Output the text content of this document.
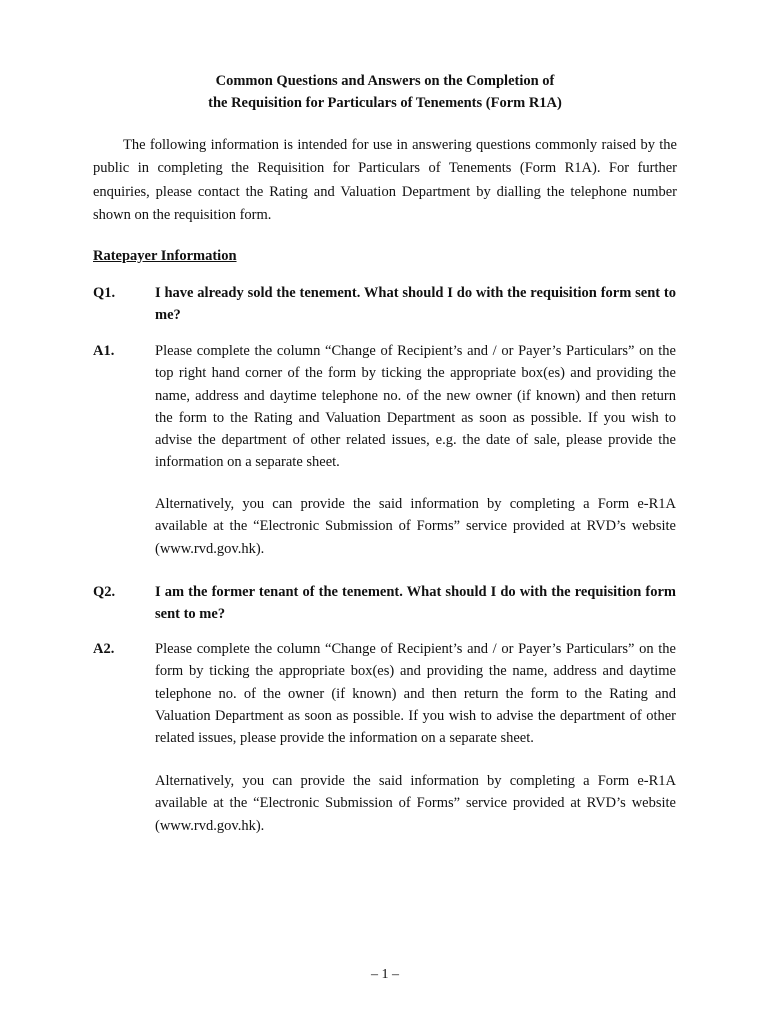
Common Questions and Answers on the Completion of
the Requisition for Particulars of Tenements (Form R1A)
The following information is intended for use in answering questions commonly raised by the public in completing the Requisition for Particulars of Tenements (Form R1A). For further enquiries, please contact the Rating and Valuation Department by dialling the telephone number shown on the requisition form.
Ratepayer Information
Q1.	I have already sold the tenement. What should I do with the requisition form sent to me?
A1.	Please complete the column “Change of Recipient’s and / or Payer’s Particulars” on the top right hand corner of the form by ticking the appropriate box(es) and providing the name, address and daytime telephone no. of the new owner (if known) and then return the form to the Rating and Valuation Department as soon as possible. If you wish to advise the department of other related issues, e.g. the date of sale, please provide the information on a separate sheet.
Alternatively, you can provide the said information by completing a Form e-R1A available at the “Electronic Submission of Forms” service provided at RVD’s website (www.rvd.gov.hk).
Q2.	I am the former tenant of the tenement. What should I do with the requisition form sent to me?
A2.	Please complete the column “Change of Recipient’s and / or Payer’s Particulars” on the form by ticking the appropriate box(es) and providing the name, address and daytime telephone no. of the owner (if known) and then return the form to the Rating and Valuation Department as soon as possible. If you wish to advise the department of other related issues, please provide the information on a separate sheet.
Alternatively, you can provide the said information by completing a Form e-R1A available at the “Electronic Submission of Forms” service provided at RVD’s website (www.rvd.gov.hk).
– 1 –
